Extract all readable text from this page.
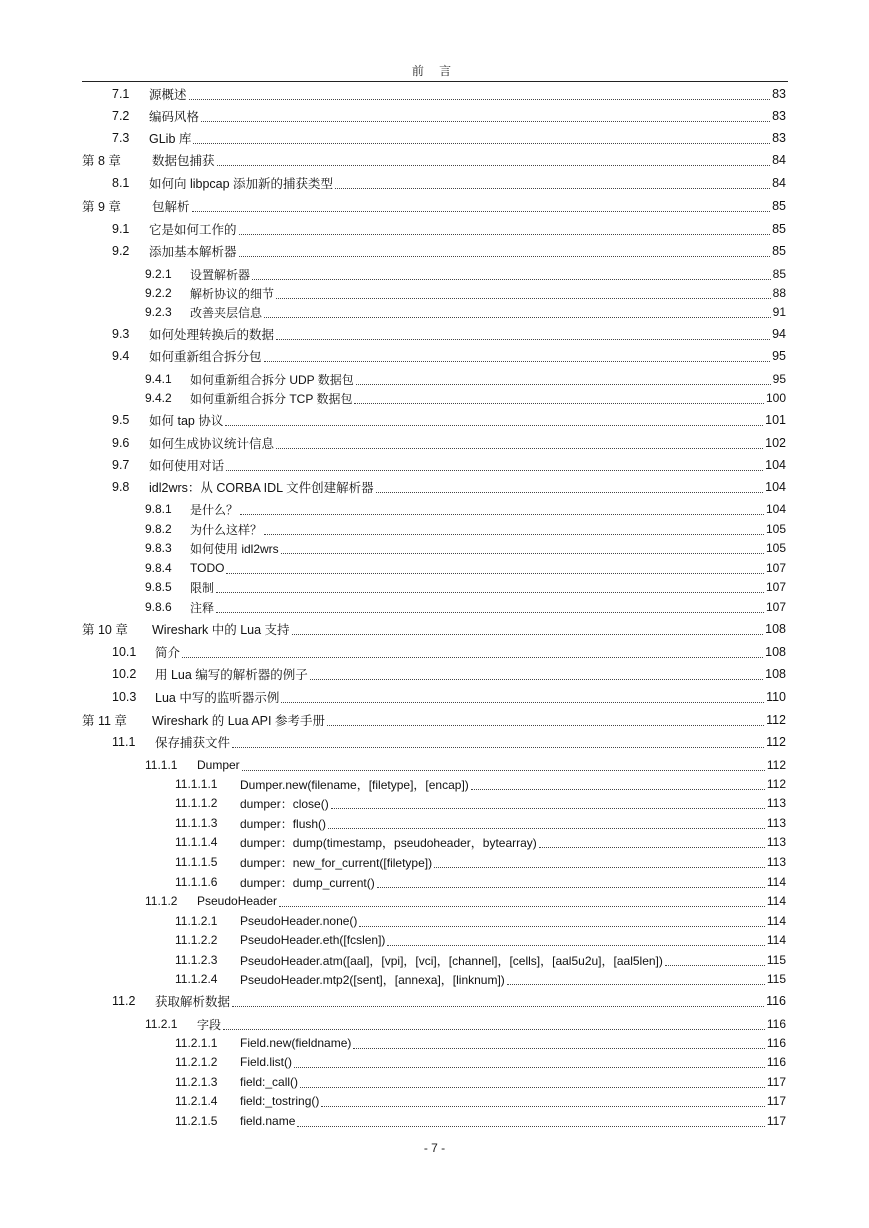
前 言
7.1	源概述	83
7.2	编码风格	83
7.3	GLib 库	83
第 8 章	数据包捕获	84
8.1	如何向 libpcap 添加新的捕获类型	84
第 9 章	包解析	85
9.1	它是如何工作的	85
9.2	添加基本解析器	85
9.2.1	设置解析器	85
9.2.2	解析协议的细节	88
9.2.3	改善夹层信息	91
9.3	如何处理转换后的数据	94
9.4	如何重新组合拆分包	95
9.4.1	如何重新组合拆分 UDP 数据包	95
9.4.2	如何重新组合拆分 TCP 数据包	100
9.5	如何 tap 协议	101
9.6	如何生成协议统计信息	102
9.7	如何使用对话	104
9.8	idl2wrs：从 CORBA IDL 文件创建解析器	104
9.8.1	是什么？	104
9.8.2	为什么这样？	105
9.8.3	如何使用 idl2wrs	105
9.8.4	TODO	107
9.8.5	限制	107
9.8.6	注释	107
第 10 章	Wireshark 中的 Lua 支持	108
10.1	简介	108
10.2	用 Lua 编写的解析器的例子	108
10.3	Lua 中写的监听器示例	110
第 11 章	Wireshark 的 Lua API 参考手册	112
11.1	保存捕获文件	112
11.1.1	Dumper	112
11.1.1.1	Dumper.new(filename，[filetype]，[encap])	112
11.1.1.2	dumper：close()	113
11.1.1.3	dumper：flush()	113
11.1.1.4	dumper：dump(timestamp，pseudoheader，bytearray)	113
11.1.1.5	dumper：new_for_current([filetype])	113
11.1.1.6	dumper：dump_current()	114
11.1.2	PseudoHeader	114
11.1.2.1	PseudoHeader.none()	114
11.1.2.2	PseudoHeader.eth([fcslen])	114
11.1.2.3	PseudoHeader.atm([aal]，[vpi]，[vci]，[channel]，[cells]，[aal5u2u]，[aal5len])	115
11.1.2.4	PseudoHeader.mtp2([sent]，[annexa]，[linknum])	115
11.2	获取解析数据	116
11.2.1	字段	116
11.2.1.1	Field.new(fieldname)	116
11.2.1.2	Field.list()	116
11.2.1.3	field:_call()	117
11.2.1.4	field:_tostring()	117
11.2.1.5	field.name	117
- 7 -
